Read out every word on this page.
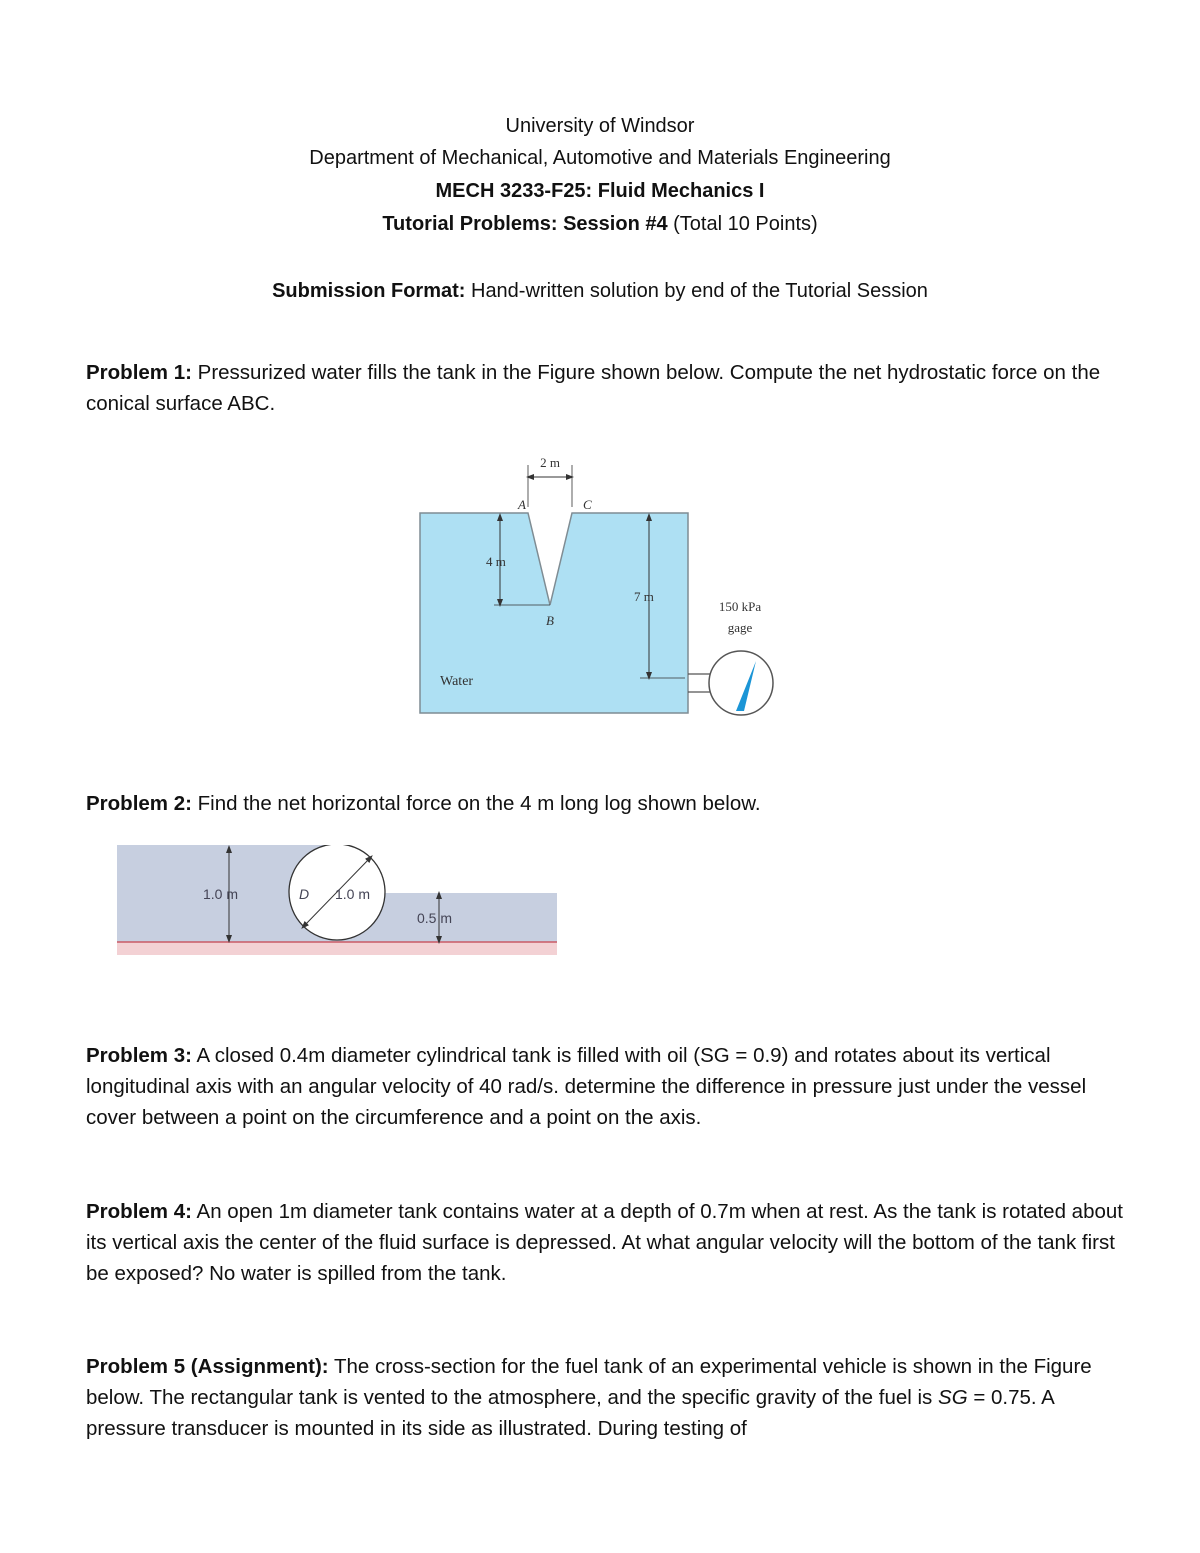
University of Windsor
Department of Mechanical, Automotive and Materials Engineering
MECH 3233-F25: Fluid Mechanics I
Tutorial Problems: Session #4 (Total 10 Points)
Submission Format: Hand-written solution by end of the Tutorial Session
Problem 1: Pressurized water fills the tank in the Figure shown below. Compute the net hydrostatic force on the conical surface ABC.
2 m
A	C
B
4 m
7 m
Water
150 kPa
gage
Problem 2: Find the net horizontal force on the 4 m long log shown below.
D 1.0 m
1.0 m
0.5 m
Problem 3: A closed 0.4m diameter cylindrical tank is filled with oil (SG = 0.9) and rotates about its vertical longitudinal axis with an angular velocity of 40 rad/s. determine the difference in pressure just under the vessel cover between a point on the circumference and a point on the axis.
Problem 4: An open 1m diameter tank contains water at a depth of 0.7m when at rest. As the tank is rotated about its vertical axis the center of the fluid surface is depressed. At what angular velocity will the bottom of the tank first be exposed? No water is spilled from the tank.
Problem 5 (Assignment): The cross-section for the fuel tank of an experimental vehicle is shown in the Figure below. The rectangular tank is vented to the atmosphere, and the specific gravity of the fuel is SG = 0.75. A pressure transducer is mounted in its side as illustrated. During testing of
